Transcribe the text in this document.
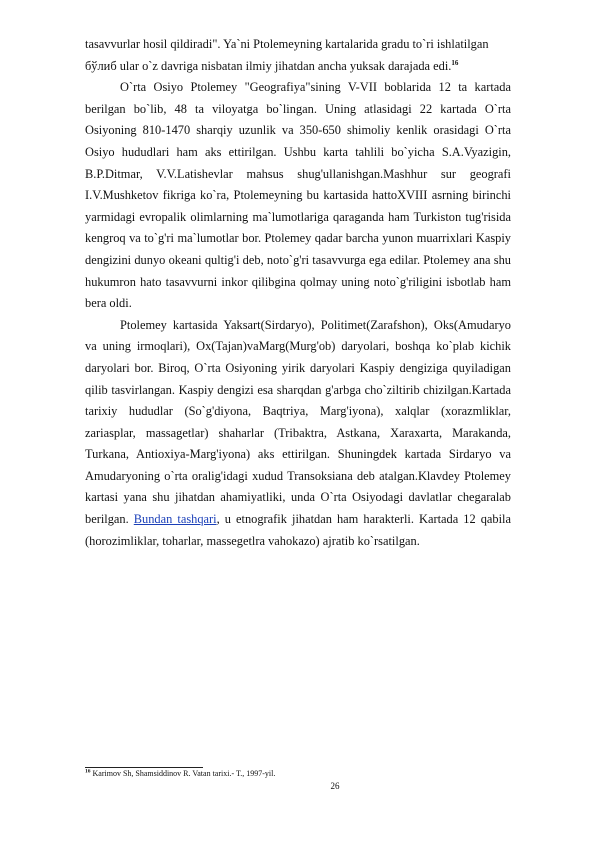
tasavvurlar hosil qildiradi". Ya`ni Ptolemeyning kartalarida gradu to`ri ishlatilgan
бўлиб ular o`z davriga nisbatan ilmiy jihatdan ancha yuksak darajada edi.$^{16}$

O`rta Osiyo Ptolemey "Geografiya"sining V-VII boblarida 12 ta kartada berilgan bo`lib, 48 ta viloyatga bo`lingan. Uning atlasidagi 22 kartada O`rta Osiyoning 810-1470 sharqiy uzunlik va 350-650 shimoliy kenlik orasidagi O`rta Osiyo hududlari ham aks ettirilgan. Ushbu karta tahlili bo`yicha S.A.Vyazigin, B.P.Ditmar, V.V.Latishevlar mahsus shug'ullanishgan.Mashhur sur geografi I.V.Mushketov fikriga ko`ra, Ptolemeyning bu kartasida hattoXVIII asrning birinchi yarmidagi evropalik olimlarning ma`lumotlariga qaraganda ham Turkiston tug'risida kengroq va to`g'ri ma`lumotlar bor. Ptolemey qadar barcha yunon muarrixlari Kaspiy dengizini dunyo okeani qultig'i deb, noto`g'ri tasavvurga ega edilar. Ptolemey ana shu hukumron hato tasavvurni inkor qilibgina qolmay uning noto`g'riligini isbotlab ham bera oldi.

Ptolemey kartasida Yaksart(Sirdaryo), Politimet(Zarafshon), Oks(Amudaryo va uning irmoqlari), Ox(Tajan)vaMarg(Murg'ob) daryolari, boshqa ko`plab kichik daryolari bor. Biroq, O`rta Osiyoning yirik daryolari Kaspiy dengiziga quyiladigan qilib tasvirlangan. Kaspiy dengizi esa sharqdan g'arbga cho`ziltirib chizilgan.Kartada tarixiy hududlar (So`g'diyona, Baqtriya, Marg'iyona), xalqlar (xorazmliklar, zariasplar, massagetlar) shaharlar (Tribaktra, Astkana, Xaraxarta, Marakanda, Turkana, Antioxiya-Marg'iyona) aks ettirilgan. Shuningdek kartada Sirdaryo va Amudaryoning o`rta oralig'idagi xudud Transoksiana deb atalgan.Klavdey Ptolemey kartasi yana shu jihatdan ahamiyatliki, unda O`rta Osiyodagi davlatlar chegaralab berilgan. Bundan tashqari, u etnografik jihatdan ham harakterli. Kartada 12 qabila (horozimliklar, toharlar, massegetlra vahokazo) ajratib ko`rsatilgan.

$^{16}$ Karimov Sh, Shamsiddinov R. Vatan tarixi.- T., 1997-yil.
26
